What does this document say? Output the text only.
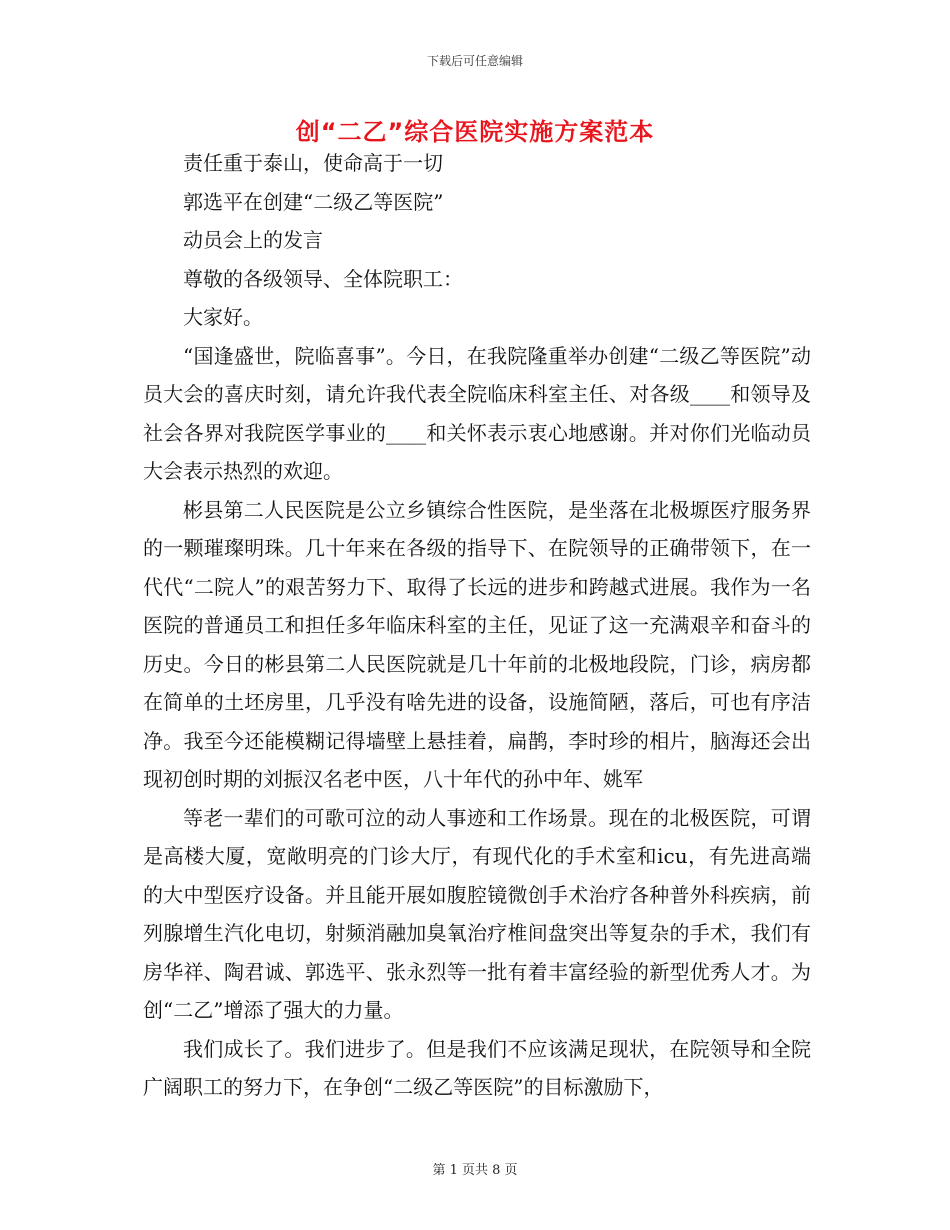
下载后可任意编辑
创“二乙”综合医院实施方案范本

责任重于泰山，使命高于一切

郭选平在创建“二级乙等医院”

动员会上的发言

尊敬的各级领导、全体院职工：

大家好。

“国逢盛世，院临喜事”。今日，在我院隆重举办创建“二级乙等医院”动员大会的喜庆时刻，请允许我代表全院临床科室主任、对各级____和领导及社会各界对我院医学事业的____和关怀表示衷心地感谢。并对你们光临动员大会表示热烈的欢迎。

彬县第二人民医院是公立乡镇综合性医院，是坐落在北极塬医疗服务界的一颗璀璨明珠。几十年来在各级的指导下、在院领导的正确带领下，在一代代“二院人”的艰苦努力下、取得了长远的进步和跨越式进展。我作为一名医院的普通员工和担任多年临床科室的主任，见证了这一充满艰辛和奋斗的历史。今日的彬县第二人民医院就是几十年前的北极地段院，门诊，病房都在简单的土坯房里，几乎没有啥先进的设备，设施简陋，落后，可也有序洁净。我至今还能模糊记得墙壁上悬挂着，扁鹊，李时珍的相片，脑海还会出现初创时期的刘振汉名老中医，八十年代的孙中年、姚军

等老一辈们的可歌可泣的动人事迹和工作场景。现在的北极医院，可谓是高楼大厦，宽敞明亮的门诊大厅，有现代化的手术室和icu，有先进高端的大中型医疗设备。并且能开展如腹腔镜微创手术治疗各种普外科疾病，前列腺增生汽化电切，射频消融加臭氧治疗椎间盘突出等复杂的手术，我们有房华祥、陶君诚、郭选平、张永烈等一批有着丰富经验的新型优秀人才。为创“二乙”增添了强大的力量。

我们成长了。我们进步了。但是我们不应该满足现状，在院领导和全院广阔职工的努力下，在争创“二级乙等医院”的目标激励下，

第 1 页共 8 页
